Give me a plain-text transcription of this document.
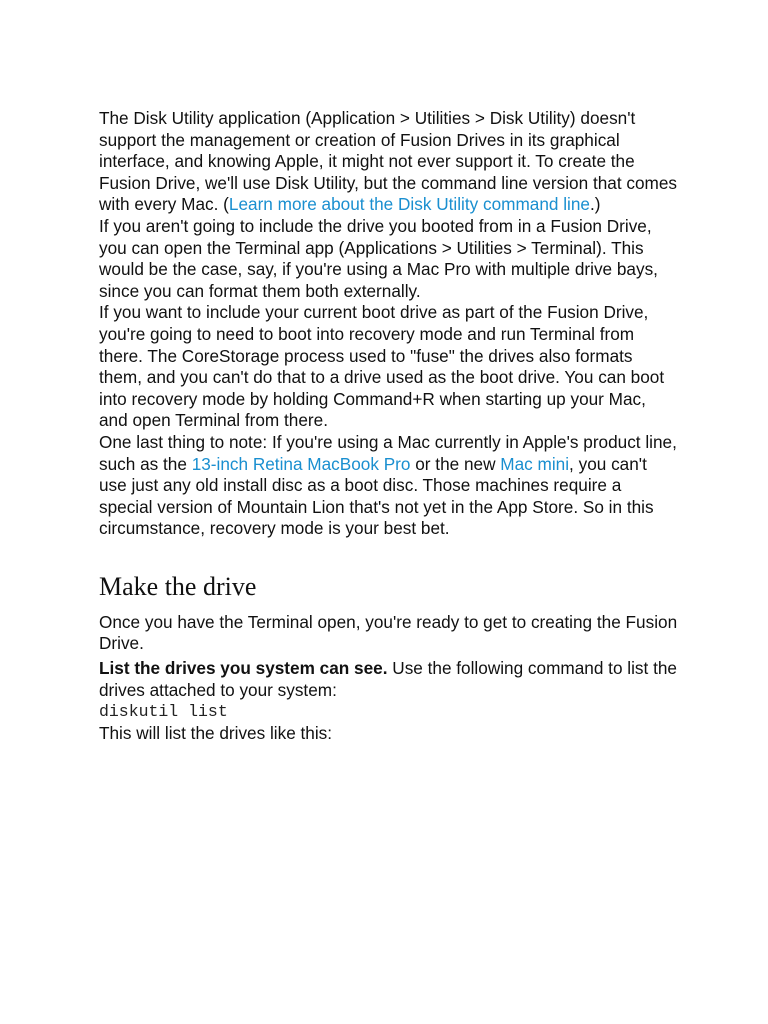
The Disk Utility application (Application > Utilities > Disk Utility) doesn't support the management or creation of Fusion Drives in its graphical interface, and knowing Apple, it might not ever support it. To create the Fusion Drive, we'll use Disk Utility, but the command line version that comes with every Mac. (Learn more about the Disk Utility command line.)

If you aren't going to include the drive you booted from in a Fusion Drive, you can open the Terminal app (Applications > Utilities > Terminal). This would be the case, say, if you're using a Mac Pro with multiple drive bays, since you can format them both externally.

If you want to include your current boot drive as part of the Fusion Drive, you're going to need to boot into recovery mode and run Terminal from there. The CoreStorage process used to "fuse" the drives also formats them, and you can't do that to a drive used as the boot drive. You can boot into recovery mode by holding Command+R when starting up your Mac, and open Terminal from there.

One last thing to note: If you're using a Mac currently in Apple's product line, such as the 13-inch Retina MacBook Pro or the new Mac mini, you can't use just any old install disc as a boot disc. Those machines require a special version of Mountain Lion that's not yet in the App Store. So in this circumstance, recovery mode is your best bet.

Make the drive

Once you have the Terminal open, you're ready to get to creating the Fusion Drive.

List the drives you system can see. Use the following command to list the drives attached to your system:

diskutil list

This will list the drives like this:
